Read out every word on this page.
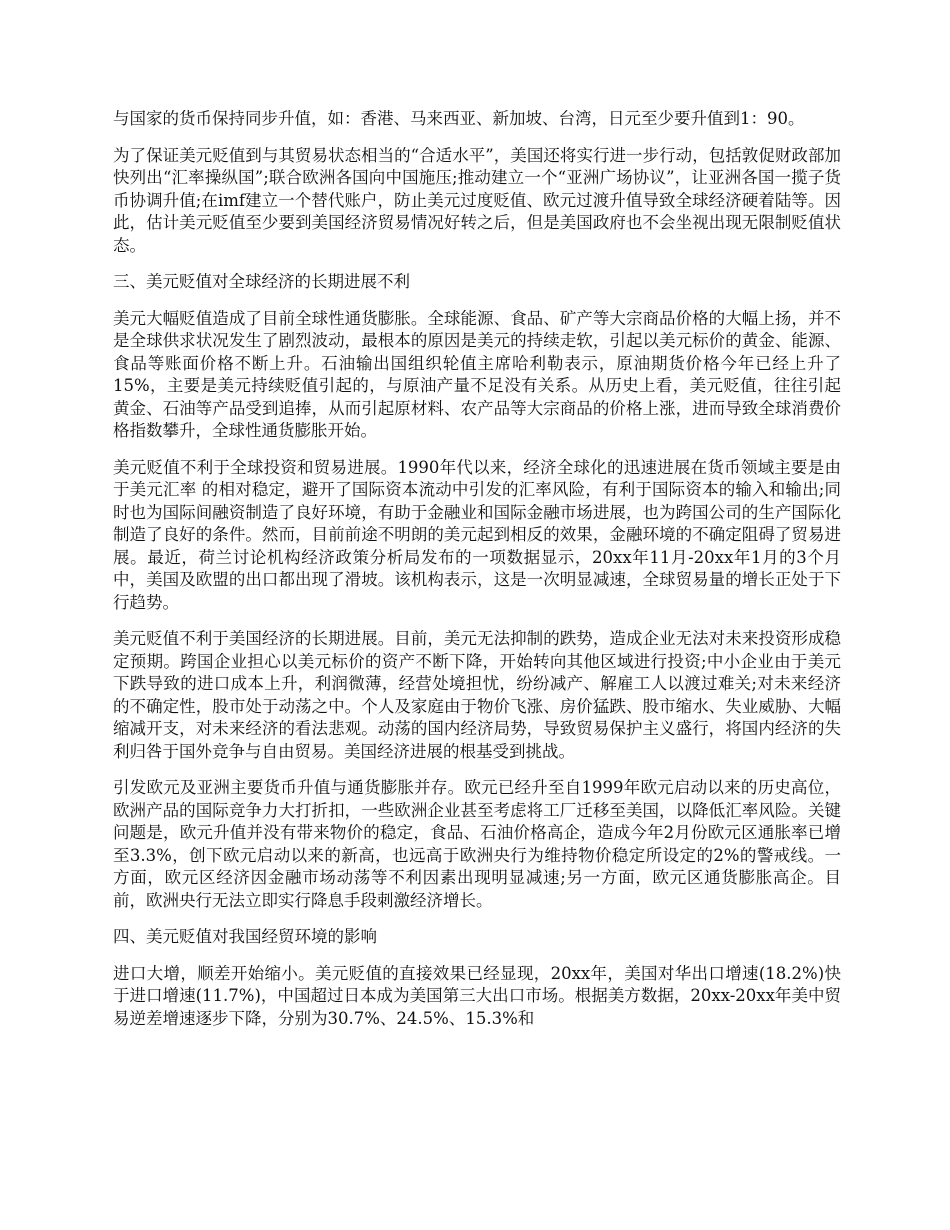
与国家的货币保持同步升值，如：香港、马来西亚、新加坡、台湾，日元至少要升值到1：90。

为了保证美元贬值到与其贸易状态相当的“合适水平”，美国还将实行进一步行动，包括敦促财政部加快列出“汇率操纵国”;联合欧洲各国向中国施压;推动建立一个“亚洲广场协议”，让亚洲各国一揽子货币协调升值;在imf建立一个替代账户，防止美元过度贬值、欧元过渡升值导致全球经济硬着陆等。因此，估计美元贬值至少要到美国经济贸易情况好转之后，但是美国政府也不会坐视出现无限制贬值状态。

三、美元贬值对全球经济的长期进展不利

美元大幅贬值造成了目前全球性通货膨胀。全球能源、食品、矿产等大宗商品价格的大幅上扬，并不是全球供求状况发生了剧烈波动，最根本的原因是美元的持续走软，引起以美元标价的黄金、能源、食品等账面价格不断上升。石油输出国组织轮值主席哈利勒表示，原油期货价格今年已经上升了15%，主要是美元持续贬值引起的，与原油产量不足没有关系。从历史上看，美元贬值，往往引起黄金、石油等产品受到追捧，从而引起原材料、农产品等大宗商品的价格上涨，进而导致全球消费价格指数攀升，全球性通货膨胀开始。

美元贬值不利于全球投资和贸易进展。1990年代以来，经济全球化的迅速进展在货币领域主要是由于美元汇率 的相对稳定，避开了国际资本流动中引发的汇率风险，有利于国际资本的输入和输出;同时也为国际间融资制造了良好环境，有助于金融业和国际金融市场进展，也为跨国公司的生产国际化制造了良好的条件。然而，目前前途不明朗的美元起到相反的效果，金融环境的不确定阻碍了贸易进展。最近，荷兰讨论机构经济政策分析局发布的一项数据显示，20xx年11月-20xx年1月的3个月中，美国及欧盟的出口都出现了滑坡。该机构表示，这是一次明显减速，全球贸易量的增长正处于下行趋势。

美元贬值不利于美国经济的长期进展。目前，美元无法抑制的跌势，造成企业无法对未来投资形成稳定预期。跨国企业担心以美元标价的资产不断下降，开始转向其他区域进行投资;中小企业由于美元下跌导致的进口成本上升，利润微薄，经营处境担忧，纷纷减产、解雇工人以渡过难关;对未来经济的不确定性，股市处于动荡之中。个人及家庭由于物价飞涨、房价猛跌、股市缩水、失业威胁、大幅缩减开支，对未来经济的看法悲观。动荡的国内经济局势，导致贸易保护主义盛行，将国内经济的失利归咎于国外竞争与自由贸易。美国经济进展的根基受到挑战。

引发欧元及亚洲主要货币升值与通货膨胀并存。欧元已经升至自1999年欧元启动以来的历史高位，欧洲产品的国际竞争力大打折扣，一些欧洲企业甚至考虑将工厂迁移至美国，以降低汇率风险。关键问题是，欧元升值并没有带来物价的稳定，食品、石油价格高企，造成今年2月份欧元区通胀率已增至3.3%，创下欧元启动以来的新高，也远高于欧洲央行为维持物价稳定所设定的2%的警戒线。一方面，欧元区经济因金融市场动荡等不利因素出现明显减速;另一方面，欧元区通货膨胀高企。目前，欧洲央行无法立即实行降息手段刺激经济增长。

四、美元贬值对我国经贸环境的影响

进口大增，顺差开始缩小。美元贬值的直接效果已经显现，20xx年，美国对华出口增速(18.2%)快于进口增速(11.7%)，中国超过日本成为美国第三大出口市场。根据美方数据，20xx-20xx年美中贸易逆差增速逐步下降，分别为30.7%、24.5%、15.3%和
